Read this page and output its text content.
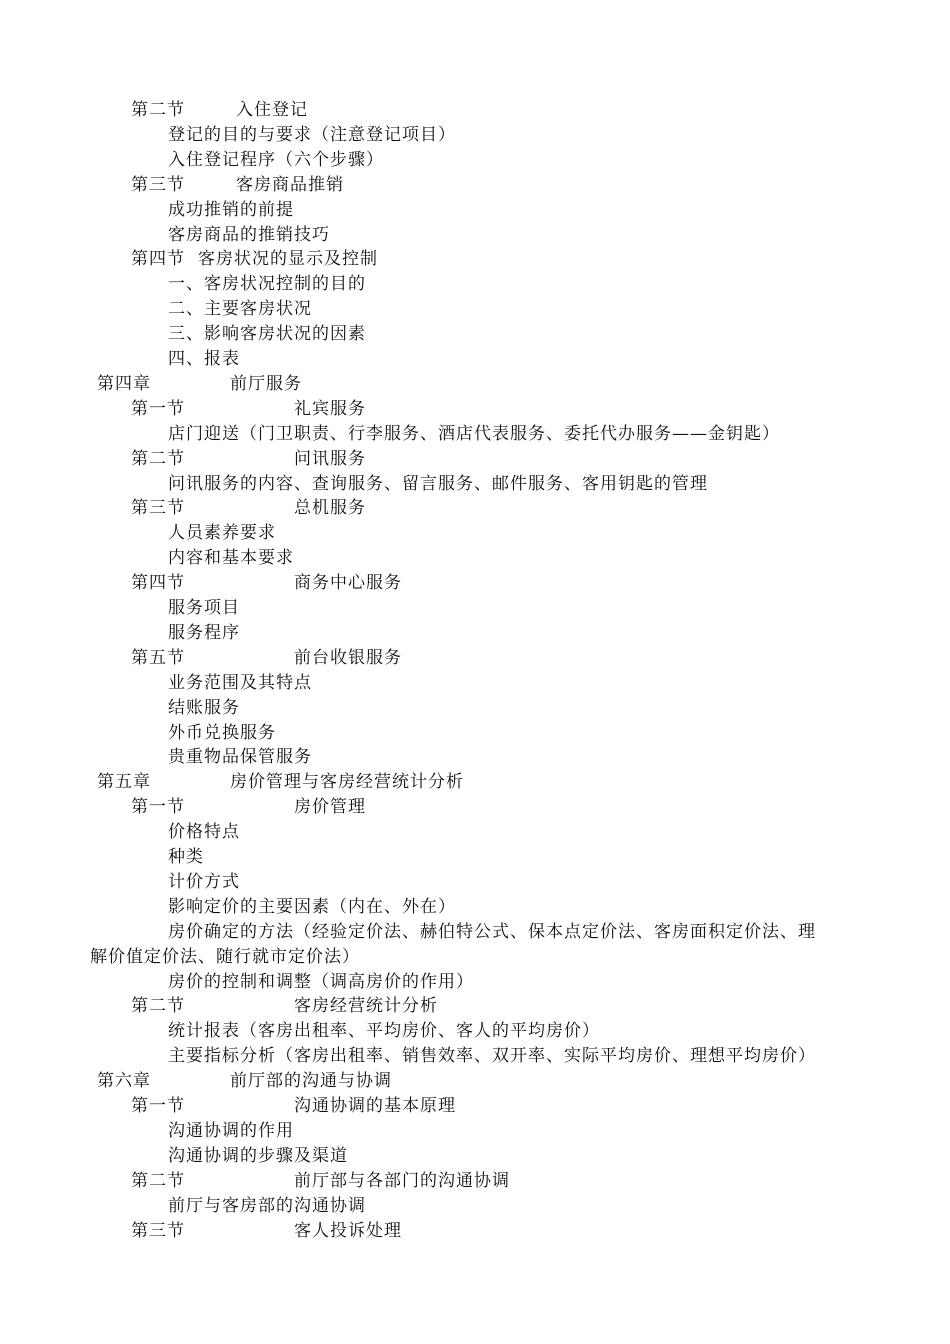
第二节	入住登记
登记的目的与要求（注意登记项目）
入住登记程序（六个步骤）
第三节	客房商品推销
成功推销的前提
客房商品的推销技巧
第四节 客房状况的显示及控制
一、客房状况控制的目的
二、主要客房状况
三、影响客房状况的因素
四、报表
第四章	前厅服务
第一节	礼宾服务
店门迎送（门卫职责、行李服务、酒店代表服务、委托代办服务——金钥匙）
第二节	问讯服务
问讯服务的内容、查询服务、留言服务、邮件服务、客用钥匙的管理
第三节	总机服务
人员素养要求
内容和基本要求
第四节	商务中心服务
服务项目
服务程序
第五节	前台收银服务
业务范围及其特点
结账服务
外币兑换服务
贵重物品保管服务
第五章	房价管理与客房经营统计分析
第一节	房价管理
价格特点
种类
计价方式
影响定价的主要因素（内在、外在）
房价确定的方法（经验定价法、赫伯特公式、保本点定价法、客房面积定价法、理
解价值定价法、随行就市定价法）
房价的控制和调整（调高房价的作用）
第二节	客房经营统计分析
统计报表（客房出租率、平均房价、客人的平均房价）
主要指标分析（客房出租率、销售效率、双开率、实际平均房价、理想平均房价）
第六章	前厅部的沟通与协调
第一节	沟通协调的基本原理
沟通协调的作用
沟通协调的步骤及渠道
第二节	前厅部与各部门的沟通协调
前厅与客房部的沟通协调
第三节	客人投诉处理
